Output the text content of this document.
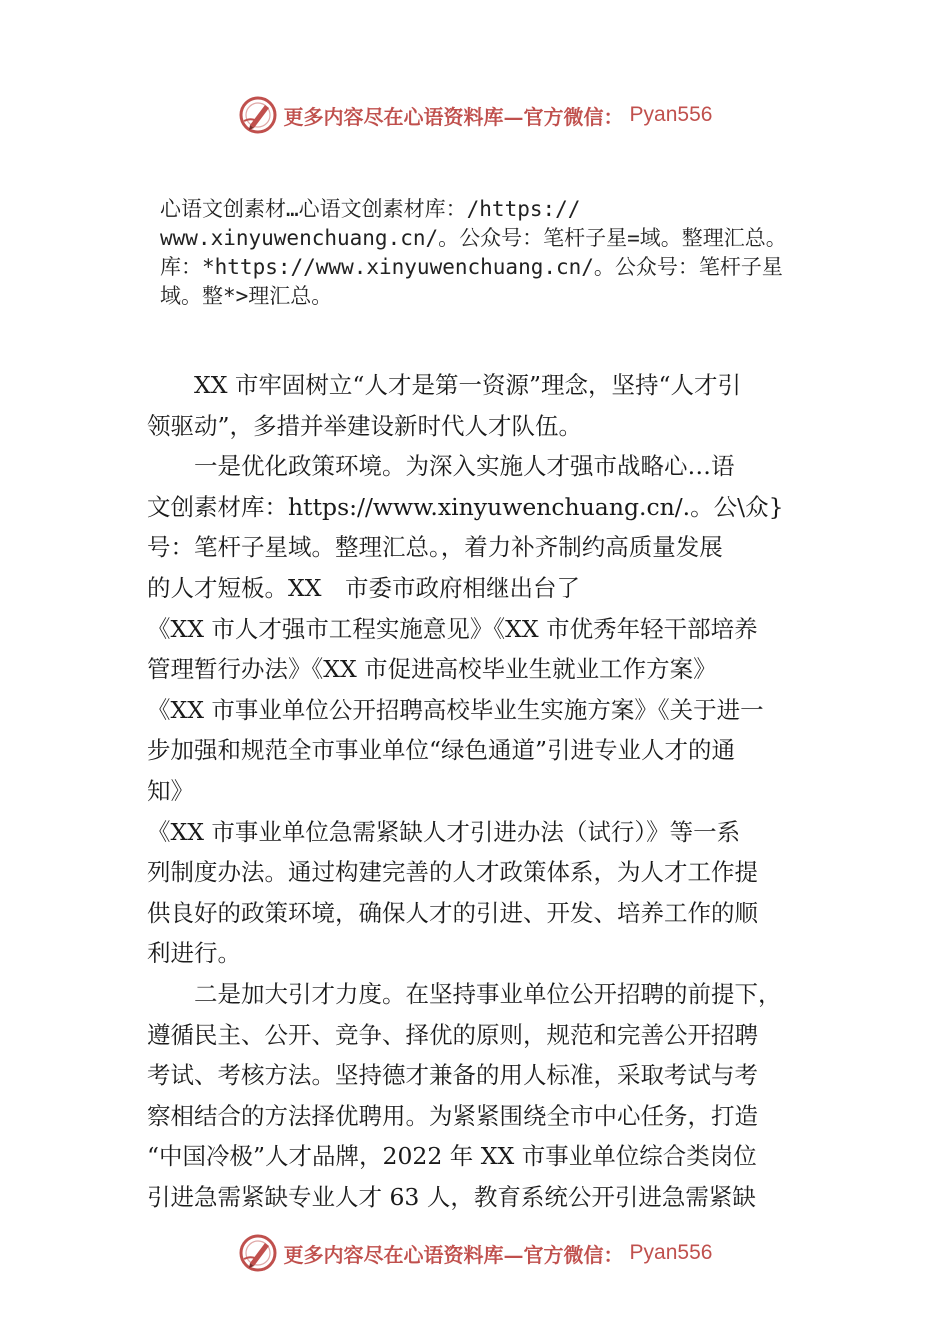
更多内容尽在心语资料库—官方微信： Pyan556
心语文创素材…心语文创素材库：/https://
www.xinyuwenchuang.cn/。公众号：笔杆子星=域。整理汇总。
库：*https://www.xinyuwenchuang.cn/。公众号：笔杆子星
域。整*>理汇总。
XX 市牢固树立“人才是第一资源”理念，坚持“人才引
领驱动”，多措并举建设新时代人才队伍。
一是优化政策环境。为深入实施人才强市战略心…语
文创素材库：https://www.xinyuwenchuang.cn/.。公\众}
号：笔杆子星域。整理汇总。，着力补齐制约高质量发展
的人才短板。XX　市委市政府相继出台了
《XX 市人才强市工程实施意见》《XX 市优秀年轻干部培养
管理暂行办法》《XX 市促进高校毕业生就业工作方案》
《XX 市事业单位公开招聘高校毕业生实施方案》《关于进一
步加强和规范全市事业单位“绿色通道”引进专业人才的通
知》
《XX 市事业单位急需紧缺人才引进办法（试行）》等一系
列制度办法。通过构建完善的人才政策体系，为人才工作提
供良好的政策环境，确保人才的引进、开发、培养工作的顺
利进行。
二是加大引才力度。在坚持事业单位公开招聘的前提下，
遵循民主、公开、竞争、择优的原则，规范和完善公开招聘
考试、考核方法。坚持德才兼备的用人标准，采取考试与考
察相结合的方法择优聘用。为紧紧围绕全市中心任务，打造
“中国冷极”人才品牌，2022 年 XX 市事业单位综合类岗位
引进急需紧缺专业人才 63 人，教育系统公开引进急需紧缺
更多内容尽在心语资料库—官方微信： Pyan556
